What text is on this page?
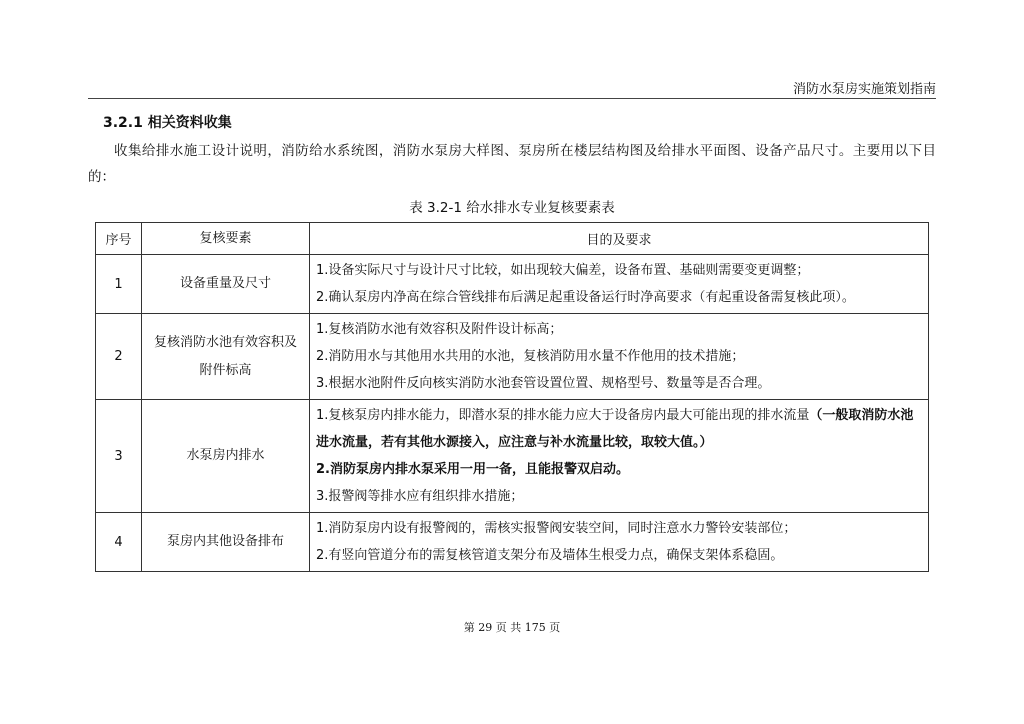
消防水泵房实施策划指南
3.2.1 相关资料收集
收集给排水施工设计说明，消防给水系统图，消防水泵房大样图、泵房所在楼层结构图及给排水平面图、设备产品尺寸。主要用以下目的：
表 3.2-1 给水排水专业复核要素表
序号	复核要素	目的及要求
1	设备重量及尺寸	1.设备实际尺寸与设计尺寸比较，如出现较大偏差，设备布置、基础则需要变更调整；
2.确认泵房内净高在综合管线排布后满足起重设备运行时净高要求（有起重设备需复核此项）。

2	复核消防水池有效容积及附件标高	1.复核消防水池有效容积及附件设计标高；
2.消防用水与其他用水共用的水池，复核消防用水量不作他用的技术措施；
3.根据水池附件反向核实消防水池套管设置位置、规格型号、数量等是否合理。

3	水泵房内排水	1.复核泵房内排水能力，即潜水泵的排水能力应大于设备房内最大可能出现的排水流量（一般取消防水池进水流量，若有其他水源接入，应注意与补水流量比较，取较大值。）
2.消防泵房内排水泵采用一用一备，且能报警双启动。
3.报警阀等排水应有组织排水措施；

4	泵房内其他设备排布	1.消防泵房内设有报警阀的，需核实报警阀安装空间，同时注意水力警铃安装部位；
2.有竖向管道分布的需复核管道支架分布及墙体生根受力点，确保支架体系稳固。
第 29 页 共 175 页
